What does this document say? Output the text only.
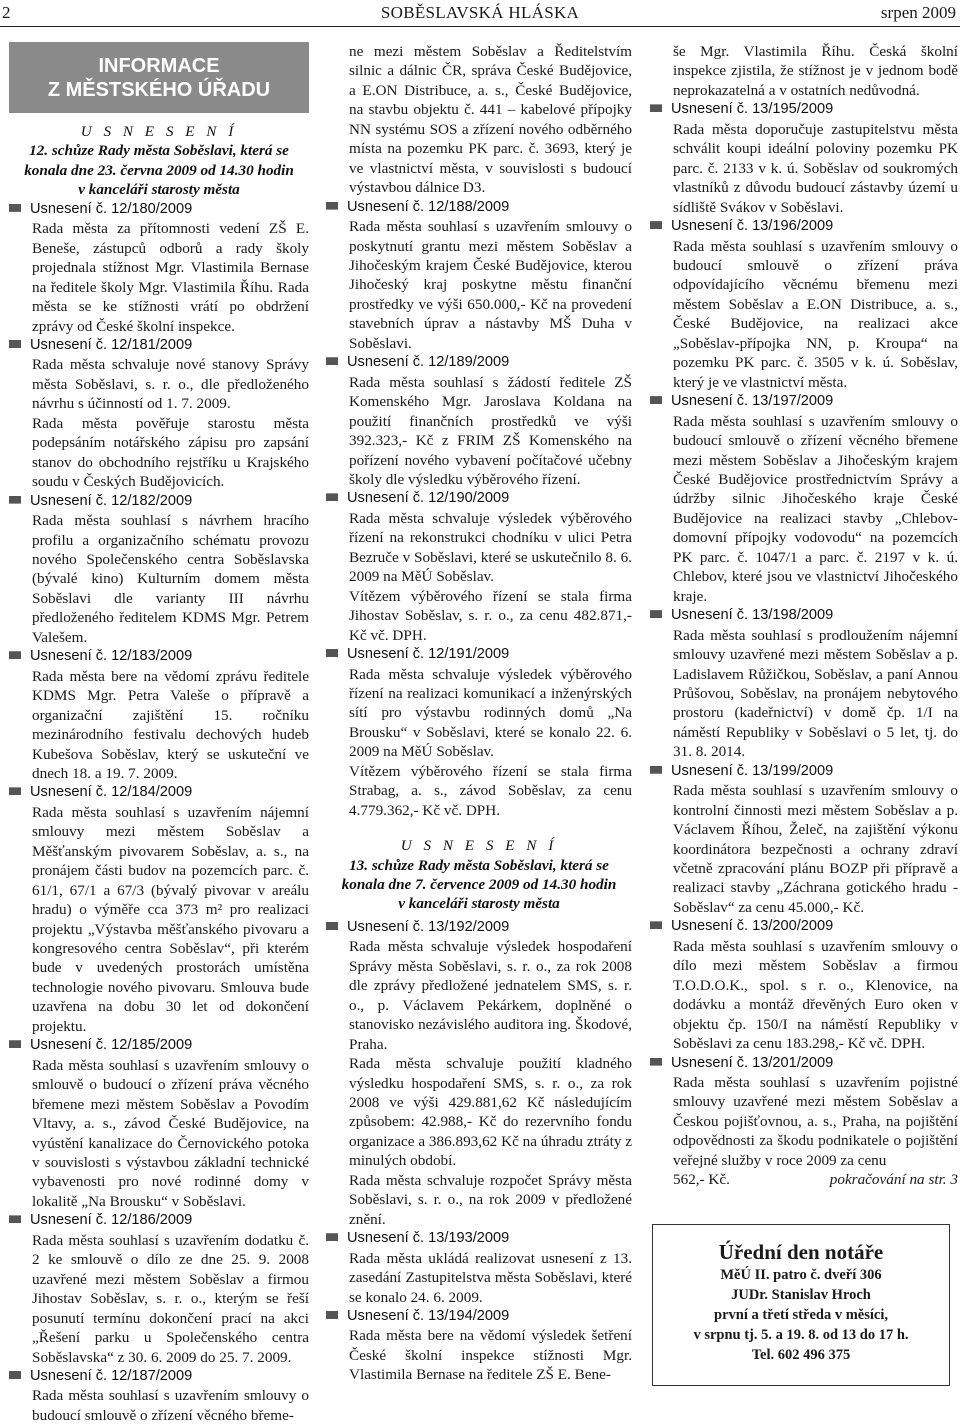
2	SOBĚSLAVSKÁ HLÁSKA	srpen 2009
INFORMACE
Z MĚSTSKÉHO ÚŘADU
U S N E S E N Í
12. schůze Rady města Soběslavi, která se
konala dne 23. června 2009 od 14.30 hodin
v kanceláři starosty města
Usnesení č. 12/180/2009

Rada města za přítomnosti vedení ZŠ E. Beneše, zástupců odborů a rady školy projednala stížnost Mgr. Vlastimila Bernase na ředitele školy Mgr. Vlastimila Říhu. Rada města se ke stížnosti vrátí po obdržení zprávy od České školní inspekce.

Usnesení č. 12/181/2009

Rada města schvaluje nové stanovy Správy města Soběslavi, s. r. o., dle předloženého návrhu s účinností od 1. 7. 2009.

Rada města pověřuje starostu města podepsáním notářského zápisu pro zapsání stanov do obchodního rejstříku u Krajského soudu v Českých Budějovicích.

Usnesení č. 12/182/2009

Rada města souhlasí s návrhem hracího profilu a organizačního schématu provozu nového Společenského centra Soběslavska (bývalé kino) Kulturním domem města Soběslavi dle varianty III návrhu předloženého ředitelem KDMS Mgr. Petrem Valešem.

Usnesení č. 12/183/2009

Rada města bere na vědomí zprávu ředitele KDMS Mgr. Petra Valeše o přípravě a organizační zajištění 15. ročníku mezinárodního festivalu dechových hudeb Kubešova Soběslav, který se uskuteční ve dnech 18. a 19. 7. 2009.

Usnesení č. 12/184/2009

Rada města souhlasí s uzavřením nájemní smlouvy mezi městem Soběslav a Měšťanským pivovarem Soběslav, a. s., na pronájem části budov na pozemcích parc. č. 61/1, 67/1 a 67/3 (bývalý pivovar v areálu hradu) o výměře cca 373 m² pro realizaci projektu „Výstavba měšťanského pivovaru a kongresového centra Soběslav“, při kterém bude v uvedených prostorách umístěna technologie nového pivovaru. Smlouva bude uzavřena na dobu 30 let od dokončení projektu.

Usnesení č. 12/185/2009

Rada města souhlasí s uzavřením smlouvy o smlouvě o budoucí o zřízení práva věcného břemene mezi městem Soběslav a Povodím Vltavy, a. s., závod České Budějovice, na vyústění kanalizace do Černovického potoka v souvislosti s výstavbou základní technické vybavenosti pro nové rodinné domy v lokalitě „Na Brousku“ v Soběslavi.

Usnesení č. 12/186/2009

Rada města souhlasí s uzavřením dodatku č. 2 ke smlouvě o dílo ze dne 25. 9. 2008 uzavřené mezi městem Soběslav a firmou Jihostav Soběslav, s. r. o., kterým se řeší posunutí termínu dokončení prací na akci „Řešení parku u Společenského centra Soběslavska“ z 30. 6. 2009 do 25. 7. 2009.

Usnesení č. 12/187/2009

Rada města souhlasí s uzavřením smlouvy o budoucí smlouvě o zřízení věcného břeme-

ne mezi městem Soběslav a Ředitelstvím silnic a dálnic ČR, správa České Budějovice, a E.ON Distribuce, a. s., České Budějovice, na stavbu objektu č. 441 – kabelové přípojky NN systému SOS a zřízení nového odběrného místa na pozemku PK parc. č. 3693, který je ve vlastnictví města, v souvislosti s budoucí výstavbou dálnice D3.

Usnesení č. 12/188/2009

Rada města souhlasí s uzavřením smlouvy o poskytnutí grantu mezi městem Soběslav a Jihočeským krajem České Budějovice, kterou Jihočeský kraj poskytne městu finanční prostředky ve výši 650.000,- Kč na provedení stavebních úprav a nástavby MŠ Duha v Soběslavi.

Usnesení č. 12/189/2009

Rada města souhlasí s žádostí ředitele ZŠ Komenského Mgr. Jaroslava Koldana na použití finančních prostředků ve výši 392.323,- Kč z FRIM ZŠ Komenského na pořízení nového vybavení počítačové učebny školy dle výsledku výběrového řízení.

Usnesení č. 12/190/2009

Rada města schvaluje výsledek výběrového řízení na rekonstrukci chodníku v ulici Petra Bezruče v Soběslavi, které se uskutečnilo 8. 6. 2009 na MěÚ Soběslav.

Vítězem výběrového řízení se stala firma Jihostav Soběslav, s. r. o., za cenu 482.871,- Kč vč. DPH.

Usnesení č. 12/191/2009

Rada města schvaluje výsledek výběrového řízení na realizaci komunikací a inženýrských sítí pro výstavbu rodinných domů „Na Brousku“ v Soběslavi, které se konalo 22. 6. 2009 na MěÚ Soběslav.

Vítězem výběrového řízení se stala firma Strabag, a. s., závod Soběslav, za cenu 4.779.362,- Kč vč. DPH.

U S N E S E N Í
13. schůze Rady města Soběslavi, která se
konala dne 7. července 2009 od 14.30 hodin
v kanceláři starosty města
Usnesení č. 13/192/2009

Rada města schvaluje výsledek hospodaření Správy města Soběslavi, s. r. o., za rok 2008 dle zprávy předložené jednatelem SMS, s. r. o., p. Václavem Pekárkem, doplněné o stanovisko nezávislého auditora ing. Škodové, Praha.

Rada města schvaluje použití kladného výsledku hospodaření SMS, s. r. o., za rok 2008 ve výši 429.881,62 Kč následujícím způsobem: 42.988,- Kč do rezervního fondu organizace a 386.893,62 Kč na úhradu ztráty z minulých období.

Rada města schvaluje rozpočet Správy města Soběslavi, s. r. o., na rok 2009 v předložené znění.

Usnesení č. 13/193/2009

Rada města ukládá realizovat usnesení z 13. zasedání Zastupitelstva města Soběslavi, které se konalo 24. 6. 2009.

Usnesení č. 13/194/2009

Rada města bere na vědomí výsledek šetření České školní inspekce stížnosti Mgr. Vlastimila Bernase na ředitele ZŠ E. Bene-

še Mgr. Vlastimila Říhu. Česká školní inspekce zjistila, že stížnost je v jednom bodě neprokazatelná a v ostatních nedůvodná.

Usnesení č. 13/195/2009

Rada města doporučuje zastupitelstvu města schválit koupi ideální poloviny pozemku PK parc. č. 2133 v k. ú. Soběslav od soukromých vlastníků z důvodu budoucí zástavby území u sídliště Svákov v Soběslavi.

Usnesení č. 13/196/2009

Rada města souhlasí s uzavřením smlouvy o budoucí smlouvě o zřízení práva odpovídajícího věcnému břemenu mezi městem Soběslav a E.ON Distribuce, a. s., České Budějovice, na realizaci akce „Soběslav-přípojka NN, p. Kroupa“ na pozemku PK parc. č. 3505 v k. ú. Soběslav, který je ve vlastnictví města.

Usnesení č. 13/197/2009

Rada města souhlasí s uzavřením smlouvy o budoucí smlouvě o zřízení věcného břemene mezi městem Soběslav a Jihočeským krajem České Budějovice prostřednictvím Správy a údržby silnic Jihočeského kraje České Budějovice na realizaci stavby „Chlebov-domovní přípojky vodovodu“ na pozemcích PK parc. č. 1047/1 a parc. č. 2197 v k. ú. Chlebov, které jsou ve vlastnictví Jihočeského kraje.

Usnesení č. 13/198/2009

Rada města souhlasí s prodloužením nájemní smlouvy uzavřené mezi městem Soběslav a p. Ladislavem Růžičkou, Soběslav, a paní Annou Průšovou, Soběslav, na pronájem nebytového prostoru (kadeřnictví) v domě čp. 1/I na náměstí Republiky v Soběslavi o 5 let, tj. do 31. 8. 2014.

Usnesení č. 13/199/2009

Rada města souhlasí s uzavřením smlouvy o kontrolní činnosti mezi městem Soběslav a p. Václavem Říhou, Želeč, na zajištění výkonu koordinátora bezpečnosti a ochrany zdraví včetně zpracování plánu BOZP při přípravě a realizaci stavby „Záchrana gotického hradu - Soběslav“ za cenu 45.000,- Kč.

Usnesení č. 13/200/2009

Rada města souhlasí s uzavřením smlouvy o dílo mezi městem Soběslav a firmou T.O.D.O.K., spol. s r. o., Klenovice, na dodávku a montáž dřevěných Euro oken v objektu čp. 150/I na náměstí Republiky v Soběslavi za cenu 183.298,- Kč vč. DPH.

Usnesení č. 13/201/2009

Rada města souhlasí s uzavřením pojistné smlouvy uzavřené mezi městem Soběslav a Českou pojišťovnou, a. s., Praha, na pojištění odpovědnosti za škodu podnikatele o pojištění veřejné služby v roce 2009 za cenu

562,- Kč.	pokračování na str. 3
Úřední den notáře
MěÚ II. patro č. dveří 306
JUDr. Stanislav Hroch
první a třetí středa v měsíci,
v srpnu tj. 5. a 19. 8. od 13 do 17 h.
Tel. 602 496 375
